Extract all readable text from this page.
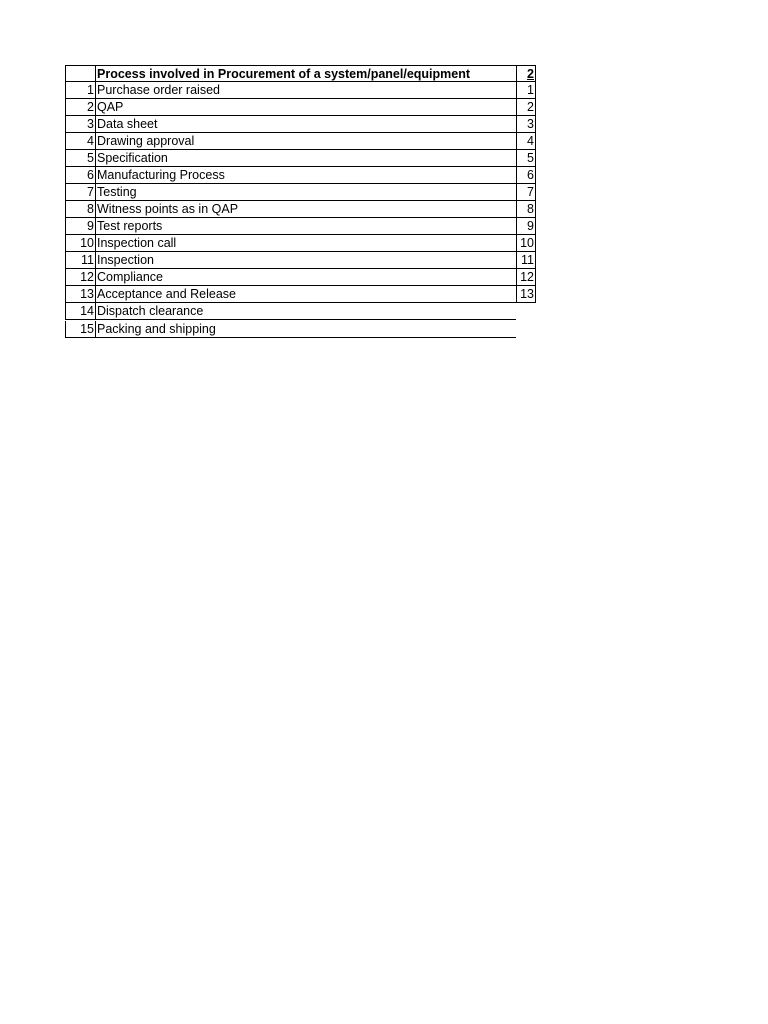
Process involved in Procurement of a system/panel/equipment	2
1 Purchase order raised	1
2 QAP	2
3 Data sheet	3
4 Drawing approval	4
5 Specification	5
6 Manufacturing Process	6
7 Testing	7
8 Witness points as in QAP	8
9 Test reports	9
10 Inspection call	10
11 Inspection	11
12 Compliance	12
13 Acceptance and Release	13
14 Dispatch clearance
15 Packing and shipping
